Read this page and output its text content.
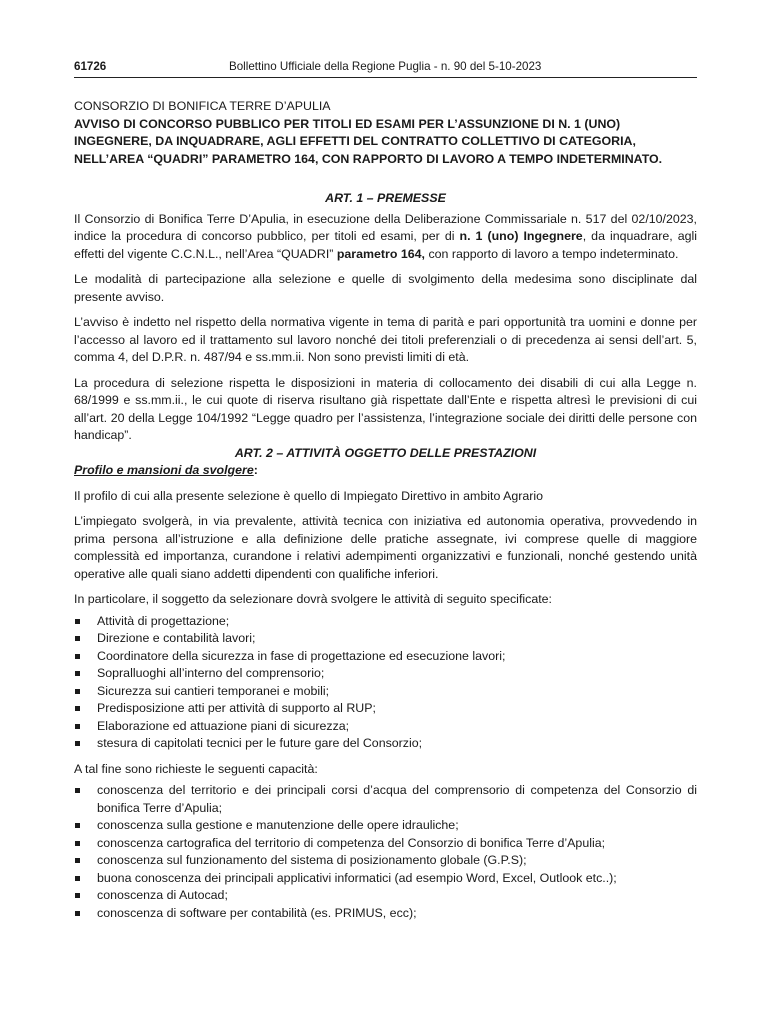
61726	Bollettino Ufficiale della Regione Puglia - n. 90 del 5-10-2023
CONSORZIO DI BONIFICA TERRE D’APULIA
AVVISO DI CONCORSO PUBBLICO PER TITOLI ED ESAMI PER L’ASSUNZIONE DI N. 1 (UNO) INGEGNERE, DA INQUADRARE, AGLI EFFETTI DEL CONTRATTO COLLETTIVO DI CATEGORIA, NELL’AREA “QUADRI” PARAMETRO 164, CON RAPPORTO DI LAVORO A TEMPO INDETERMINATO.
ART. 1 – PREMESSE

Il Consorzio di Bonifica Terre D’Apulia, in esecuzione della Deliberazione Commissariale n. 517 del 02/10/2023, indice la procedura di concorso pubblico, per titoli ed esami, per di n. 1 (uno) Ingegnere, da inquadrare, agli effetti del vigente C.C.N.L., nell’Area “QUADRI” parametro 164, con rapporto di lavoro a tempo indeterminato.

Le modalità di partecipazione alla selezione e quelle di svolgimento della medesima sono disciplinate dal presente avviso.

L’avviso è indetto nel rispetto della normativa vigente in tema di parità e pari opportunità tra uomini e donne per l’accesso al lavoro ed il trattamento sul lavoro nonché dei titoli preferenziali o di precedenza ai sensi dell’art. 5, comma 4, del D.P.R. n. 487/94 e ss.mm.ii. Non sono previsti limiti di età.

La procedura di selezione rispetta le disposizioni in materia di collocamento dei disabili di cui alla Legge n. 68/1999 e ss.mm.ii., le cui quote di riserva risultano già rispettate dall’Ente e rispetta altresì le previsioni di cui all’art. 20 della Legge 104/1992 “Legge quadro per l’assistenza, l’integrazione sociale dei diritti delle persone con handicap”.

ART. 2 – ATTIVITÀ OGGETTO DELLE PRESTAZIONI

Profilo e mansioni da svolgere:

Il profilo di cui alla presente selezione è quello di Impiegato Direttivo in ambito Agrario

L’impiegato svolgerà, in via prevalente, attività tecnica con iniziativa ed autonomia operativa, provvedendo in prima persona all’istruzione e alla definizione delle pratiche assegnate, ivi comprese quelle di maggiore complessità ed importanza, curandone i relativi adempimenti organizzativi e funzionali, nonché gestendo unità operative alle quali siano addetti dipendenti con qualifiche inferiori.

In particolare, il soggetto da selezionare dovrà svolgere le attività di seguito specificate:

Attività di progettazione;
Direzione e contabilità lavori;
Coordinatore della sicurezza in fase di progettazione ed esecuzione lavori;
Sopralluoghi all’interno del comprensorio;
Sicurezza sui cantieri temporanei e mobili;
Predisposizione atti per attività di supporto al RUP;
Elaborazione ed attuazione piani di sicurezza;
stesura di capitolati tecnici per le future gare del Consorzio;

A tal fine sono richieste le seguenti capacità:

conoscenza del territorio e dei principali corsi d’acqua del comprensorio di competenza del Consorzio di bonifica Terre d’Apulia;
conoscenza sulla gestione e manutenzione delle opere idrauliche;
conoscenza cartografica del territorio di competenza del Consorzio di bonifica Terre d’Apulia;
conoscenza sul funzionamento del sistema di posizionamento globale (G.P.S);
buona conoscenza dei principali applicativi informatici (ad esempio Word, Excel, Outlook etc..);
conoscenza di Autocad;
conoscenza di software per contabilità (es. PRIMUS, ecc);
